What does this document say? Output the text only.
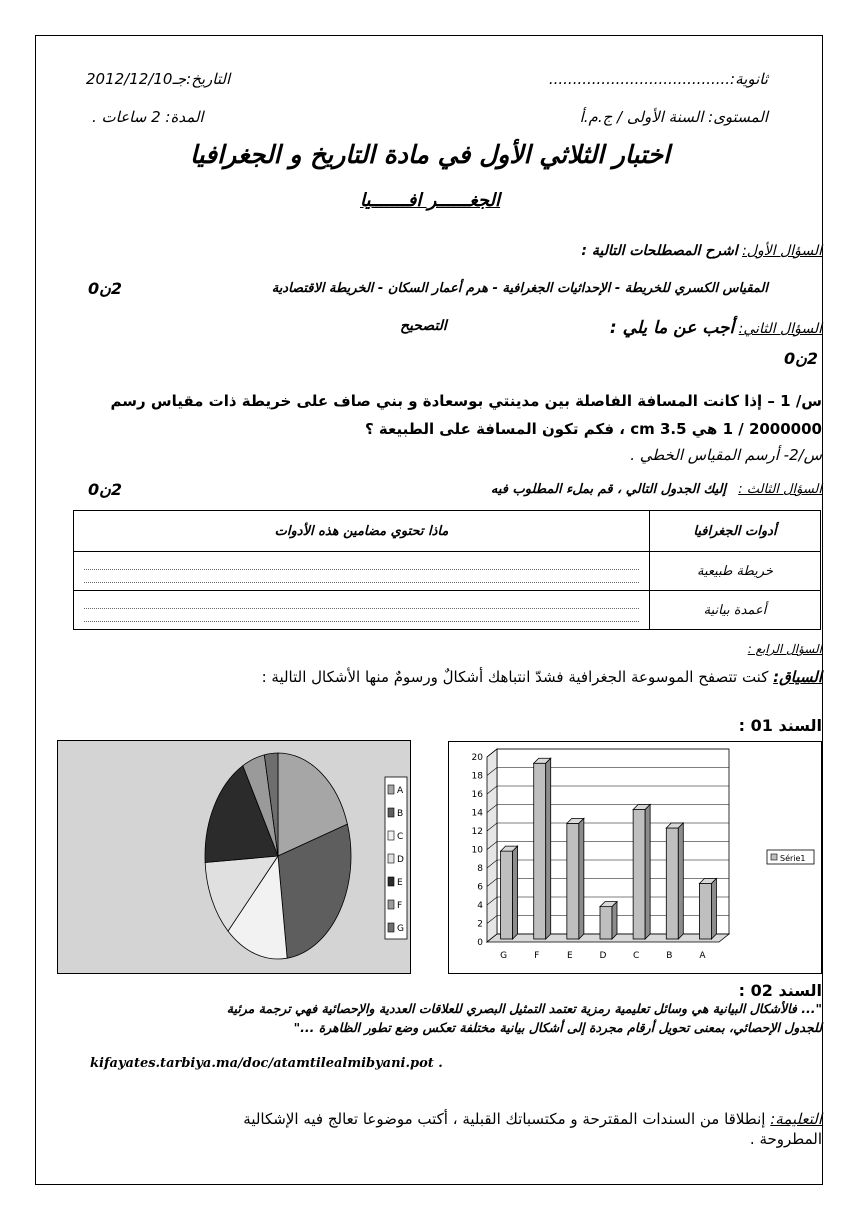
ثانوية:......................................
التاريخ:جـ2012/12/10
المستوى: السنة الأولى / ج.م.أ
المدة: 2 ساعات .
اختبار الثلاثي الأول في مادة التاريخ و الجغرافيا
الجغــــــر افـــــــيا
السؤال الأول: اشرح المصطلحات التالية :
المقياس الكسري للخريطة - الإحداثيات الجغرافية - هرم أعمار السكان - الخريطة الاقتصادية
2ن0
السؤال الثاني: أجب عن ما يلي :
التصحيح
2ن0
س/ 1 – إذا كانت المسافة الفاصلة بين مدينتي بوسعادة و بني صاف على خريطة ذات مقياس رسم
2000000 / 1 هي 3.5 cm ، فكم تكون المسافة على الطبيعة ؟
س/2- أرسم المقياس الخطي .
السؤال الثالث : إليك الجدول التالي ، قم بملء المطلوب فيه
2ن0
أدوات الجغرافيا	ماذا تحتوي مضامين هذه الأدوات
خريطة طبيعية	

أعمدة بيانية	
السؤال الرابع :
السياق: كنت تتصفح الموسوعة الجغرافية فشدّ انتباهك أشكالٌ ورسومٌ منها الأشكال التالية :
السند 01 :
A
B
C
D
E
F
G
0
2
4
6
8
10
12
14
16
18
20
G	F	E	D	C	B	A
Série1
السند 02 :
"... فالأشكال البيانية هي وسائل تعليمية رمزية تعتمد التمثيل البصري للعلاقات العددية والإحصائية فهي ترجمة مرئية
للجدول الإحصائي، بمعنى تحويل أرقام مجردة إلى أشكال بيانية مختلفة تعكس وضع تطور الظاهرة ..."
kifayates.tarbiya.ma/doc/atamtilealmibyani.pot .
التعليمة: إنطلاقا من السندات المقترحة و مكتسباتك القبلية ، أكتب موضوعا تعالج فيه الإشكالية
المطروحة .
